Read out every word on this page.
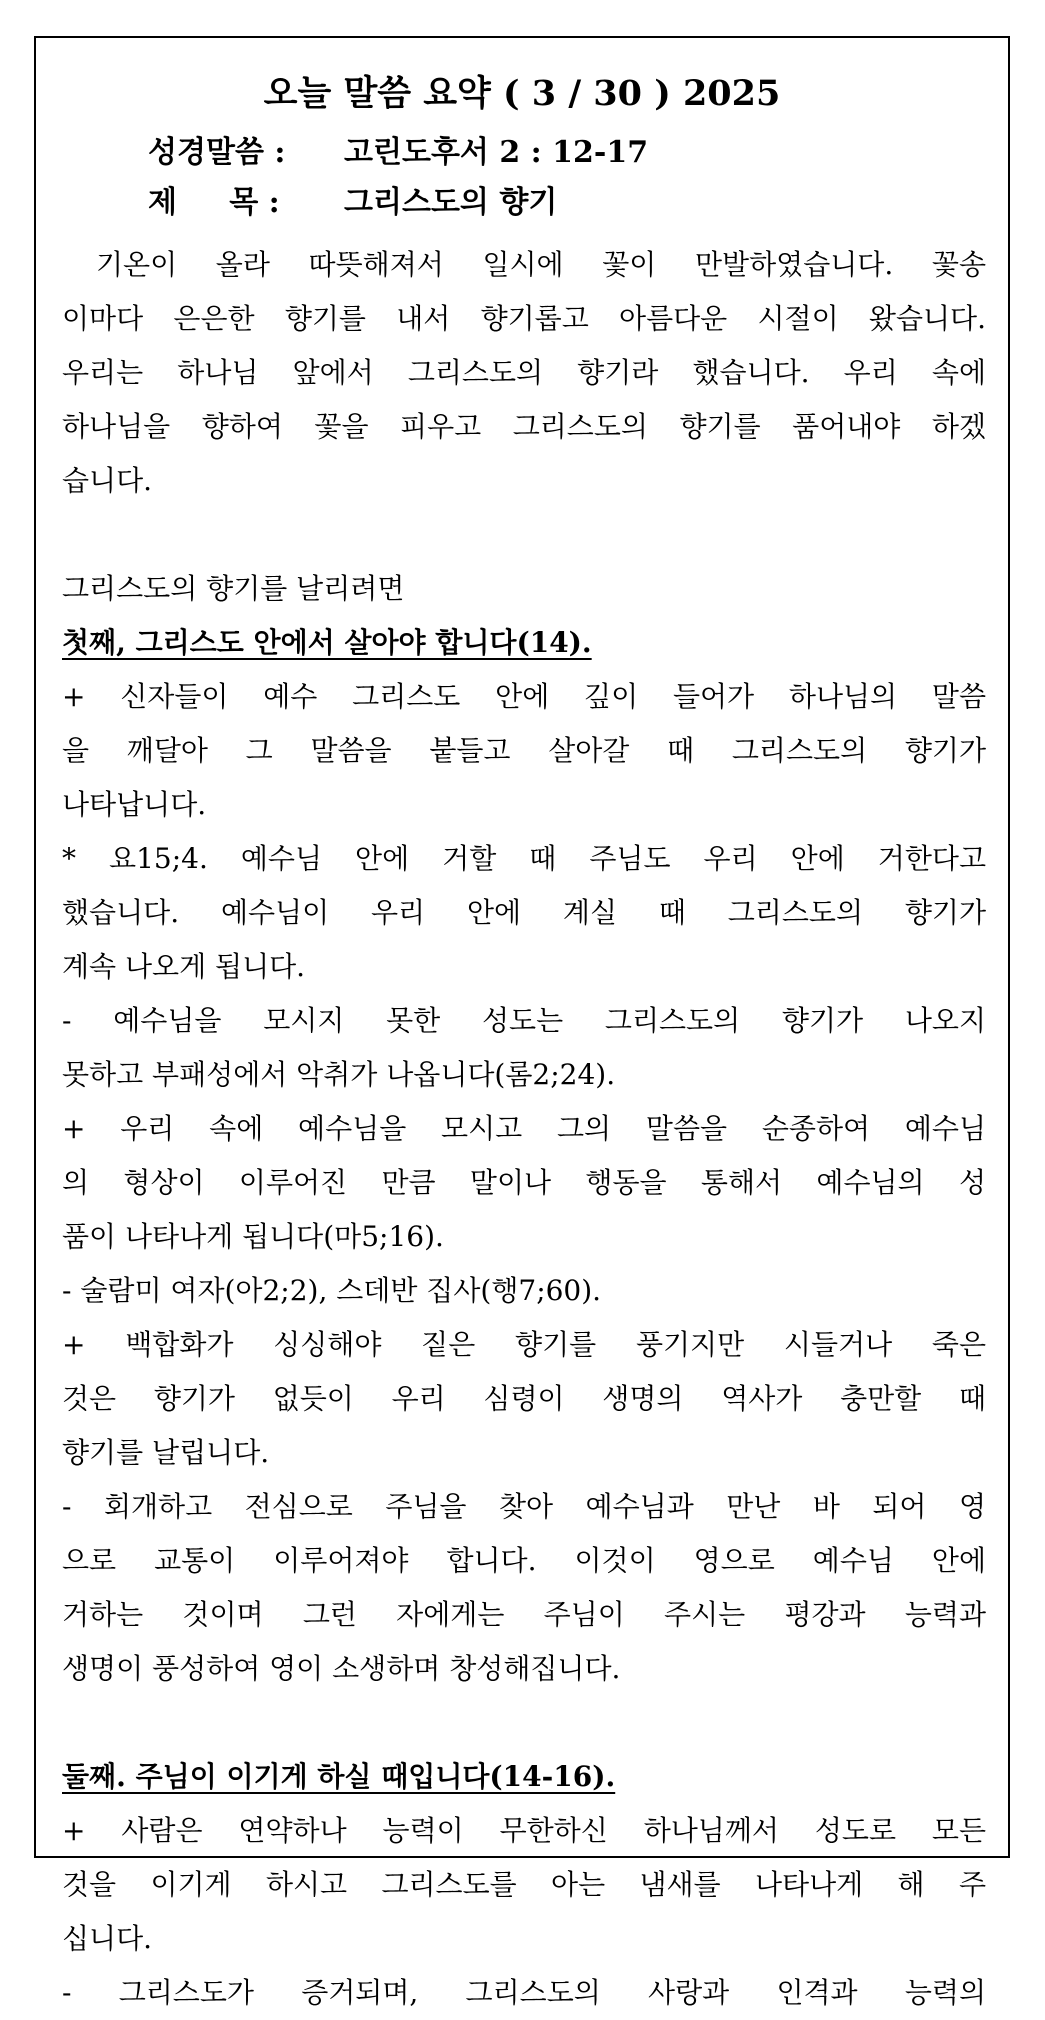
오늘 말씀 요약 ( 3 / 30 ) 2025
성경말씀 : 고린도후서 2 : 12-17
제     목 : 그리스도의 향기
기온이 올라 따뜻해져서 일시에 꽃이 만발하였습니다. 꽃송
이마다 은은한 향기를 내서 향기롭고 아름다운 시절이 왔습니다.
우리는 하나님 앞에서 그리스도의 향기라 했습니다. 우리 속에
하나님을 향하여 꽃을 피우고 그리스도의 향기를 품어내야 하겠
습니다.
그리스도의 향기를 날리려면
첫째, 그리스도 안에서 살아야 합니다(14).
+ 신자들이 예수 그리스도 안에 깊이 들어가 하나님의 말씀
을 깨달아 그 말씀을 붙들고 살아갈 때 그리스도의 향기가
나타납니다.
* 요15;4. 예수님 안에 거할 때 주님도 우리 안에 거한다고
했습니다. 예수님이 우리 안에 계실 때 그리스도의 향기가
계속 나오게 됩니다.
- 예수님을 모시지 못한 성도는 그리스도의 향기가 나오지
못하고 부패성에서 악취가 나옵니다(롬2;24).
+ 우리 속에 예수님을 모시고 그의 말씀을 순종하여 예수님
의 형상이 이루어진 만큼 말이나 행동을 통해서 예수님의 성
품이 나타나게 됩니다(마5;16).
- 술람미 여자(아2;2), 스데반 집사(행7;60).
+ 백합화가 싱싱해야 짙은 향기를 풍기지만 시들거나 죽은
것은 향기가 없듯이 우리 심령이 생명의 역사가 충만할 때
향기를 날립니다.
- 회개하고 전심으로 주님을 찾아 예수님과 만난 바 되어 영
으로 교통이 이루어져야 합니다. 이것이 영으로 예수님 안에
거하는 것이며 그런 자에게는 주님이 주시는 평강과 능력과
생명이 풍성하여 영이 소생하며 창성해집니다.
둘째. 주님이 이기게 하실 때입니다(14-16).
+ 사람은 연약하나 능력이 무한하신 하나님께서 성도로 모든
것을 이기게 하시고 그리스도를 아는 냄새를 나타나게 해 주
십니다.
- 그리스도가 증거되며, 그리스도의 사랑과 인격과 능력의
